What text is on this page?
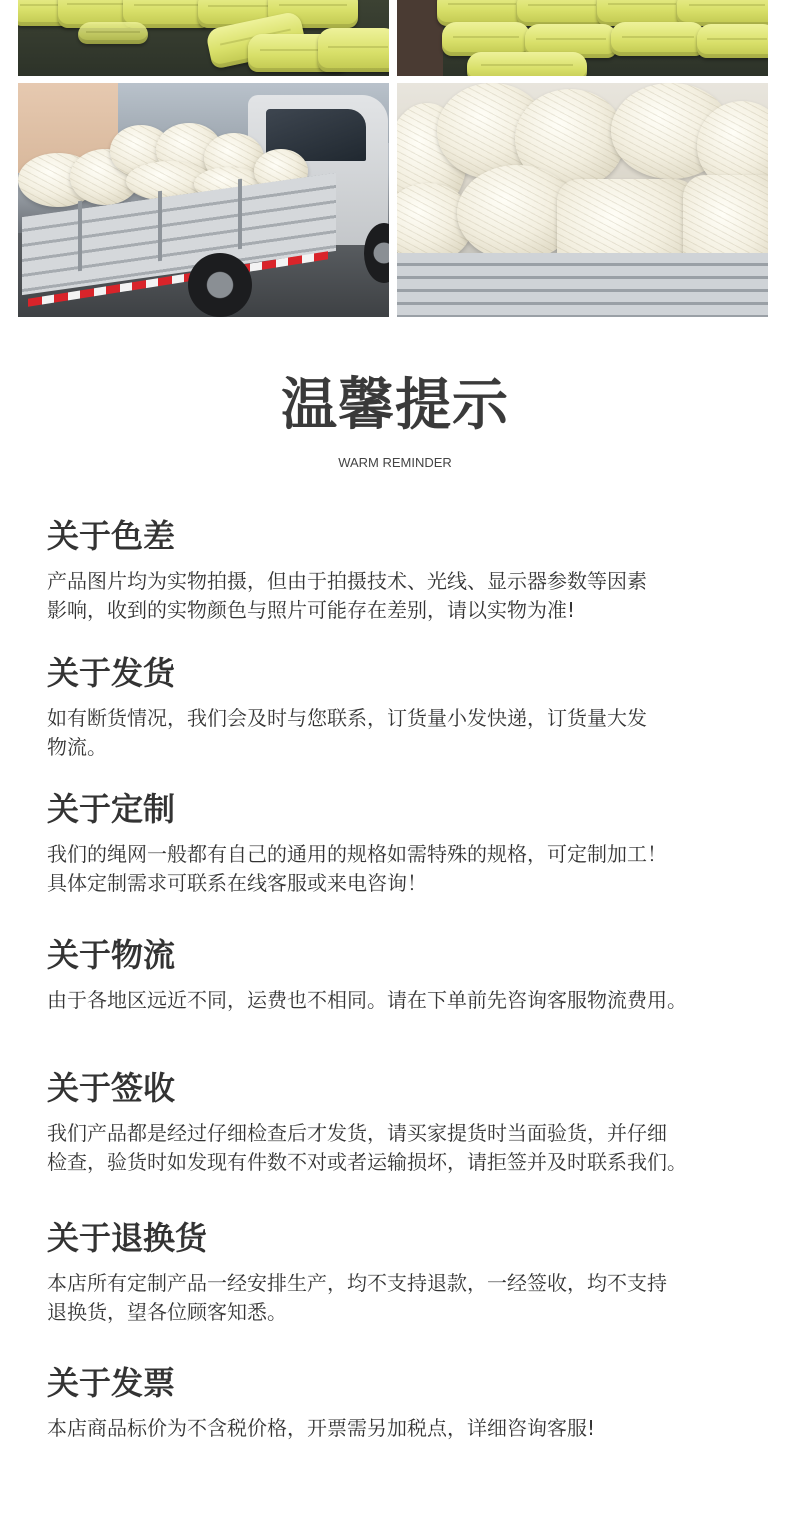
温馨提示
WARM REMINDER
关于色差
产品图片均为实物拍摄，但由于拍摄技术、光线、显示器参数等因素
影响，收到的实物颜色与照片可能存在差别，请以实物为准!
关于发货
如有断货情况，我们会及时与您联系，订货量小发快递，订货量大发
物流。
关于定制
我们的绳网一般都有自己的通用的规格如需特殊的规格，可定制加工！
具体定制需求可联系在线客服或来电咨询！
关于物流
由于各地区远近不同，运费也不相同。请在下单前先咨询客服物流费用。
关于签收
我们产品都是经过仔细检查后才发货，请买家提货时当面验货，并仔细
检查，验货时如发现有件数不对或者运输损坏，请拒签并及时联系我们。
关于退换货
本店所有定制产品一经安排生产，均不支持退款，一经签收，均不支持
退换货，望各位顾客知悉。
关于发票
本店商品标价为不含税价格，开票需另加税点，详细咨询客服!
